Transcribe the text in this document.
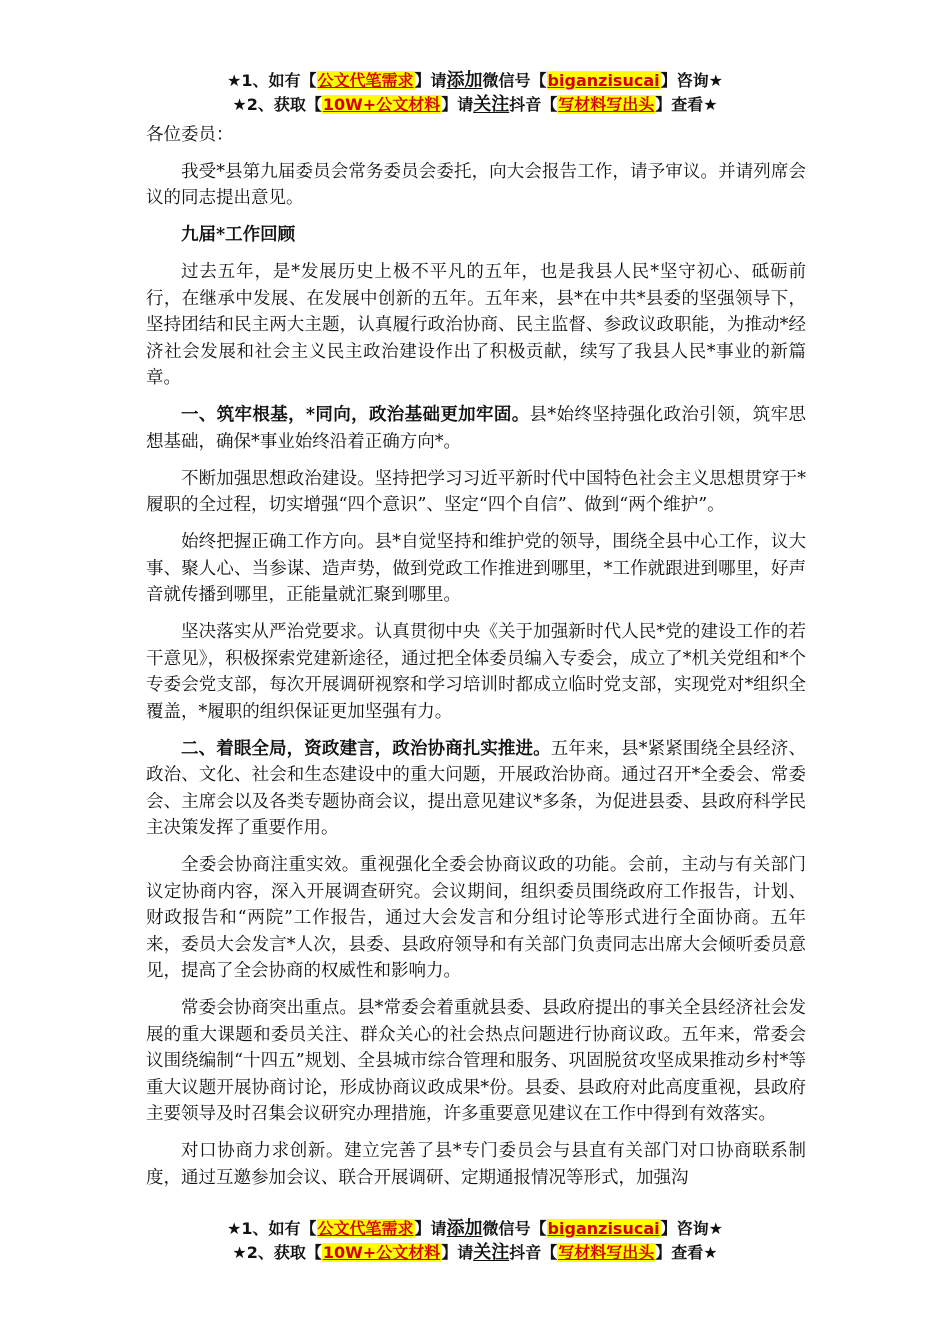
★1、如有【公文代笔需求】请添加微信号【biganzisucai】咨询★
★2、获取【10W+公文材料】请关注抖音【写材料写出头】查看★

各位委员：

我受*县第九届委员会常务委员会委托，向大会报告工作，请予审议。并请列席会议的同志提出意见。

九届*工作回顾

过去五年，是*发展历史上极不平凡的五年，也是我县人民*坚守初心、砥砺前行，在继承中发展、在发展中创新的五年。五年来，县*在中共*县委的坚强领导下，坚持团结和民主两大主题，认真履行政治协商、民主监督、参政议政职能，为推动*经济社会发展和社会主义民主政治建设作出了积极贡献，续写了我县人民*事业的新篇章。

一、筑牢根基，*同向，政治基础更加牢固。县*始终坚持强化政治引领，筑牢思想基础，确保*事业始终沿着正确方向*。

不断加强思想政治建设。坚持把学习习近平新时代中国特色社会主义思想贯穿于*履职的全过程，切实增强“四个意识”、坚定“四个自信”、做到“两个维护”。

始终把握正确工作方向。县*自觉坚持和维护党的领导，围绕全县中心工作，议大事、聚人心、当参谋、造声势，做到党政工作推进到哪里，*工作就跟进到哪里，好声音就传播到哪里，正能量就汇聚到哪里。

坚决落实从严治党要求。认真贯彻中央《关于加强新时代人民*党的建设工作的若干意见》，积极探索党建新途径，通过把全体委员编入专委会，成立了*机关党组和*个专委会党支部，每次开展调研视察和学习培训时都成立临时党支部，实现党对*组织全覆盖，*履职的组织保证更加坚强有力。

二、着眼全局，资政建言，政治协商扎实推进。五年来，县*紧紧围绕全县经济、政治、文化、社会和生态建设中的重大问题，开展政治协商。通过召开*全委会、常委会、主席会以及各类专题协商会议，提出意见建议*多条，为促进县委、县政府科学民主决策发挥了重要作用。

全委会协商注重实效。重视强化全委会协商议政的功能。会前，主动与有关部门议定协商内容，深入开展调查研究。会议期间，组织委员围绕政府工作报告，计划、财政报告和“两院”工作报告，通过大会发言和分组讨论等形式进行全面协商。五年来，委员大会发言*人次，县委、县政府领导和有关部门负责同志出席大会倾听委员意见，提高了全会协商的权威性和影响力。

常委会协商突出重点。县*常委会着重就县委、县政府提出的事关全县经济社会发展的重大课题和委员关注、群众关心的社会热点问题进行协商议政。五年来，常委会议围绕编制“十四五”规划、全县城市综合管理和服务、巩固脱贫攻坚成果推动乡村*等重大议题开展协商讨论，形成协商议政成果*份。县委、县政府对此高度重视，县政府主要领导及时召集会议研究办理措施，许多重要意见建议在工作中得到有效落实。

对口协商力求创新。建立完善了县*专门委员会与县直有关部门对口协商联系制度，通过互邀参加会议、联合开展调研、定期通报情况等形式，加强沟

★1、如有【公文代笔需求】请添加微信号【biganzisucai】咨询★
★2、获取【10W+公文材料】请关注抖音【写材料写出头】查看★
